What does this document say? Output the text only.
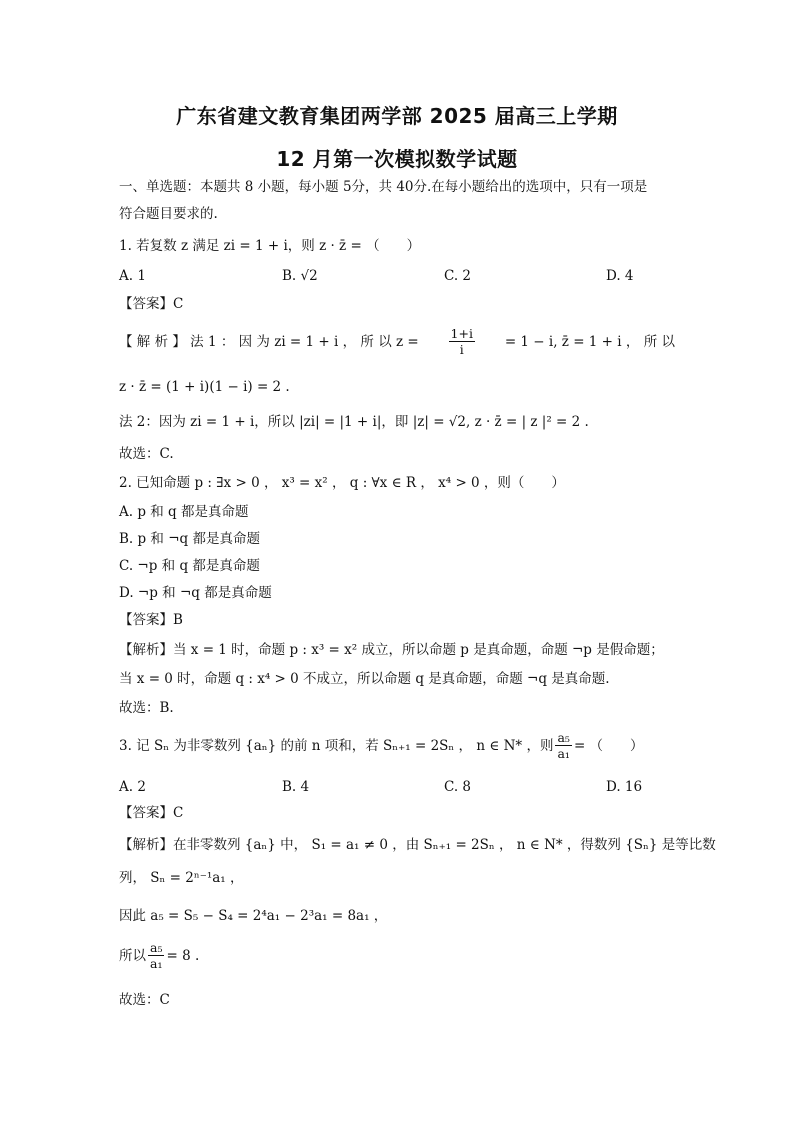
广东省建文教育集团两学部 2025 届高三上学期
12 月第一次模拟数学试题
一、单选题：本题共 8 小题，每小题 5分，共 40分.在每小题给出的选项中，只有一项是
符合题目要求的.
1. 若复数 z 满足 zi = 1 + i，则 z · z̄ = （　　）
A. 1	B. √2	C. 2	D. 4
【答案】C
【 解 析 】 法 1 ： 因 为 zi = 1 + i ， 所 以 $z = \frac{1+i}{i} = 1 - i$, z̄ = 1 + i ， 所 以
z · z̄ = (1 + i)(1 − i) = 2 .
法 2：因为 zi = 1 + i，所以 |zi| = |1 + i|，即 |z| = √2, z · z̄ = | z |² = 2 .
故选：C.
2. 已知命题 p : ∃x > 0 ， x³ = x² ， q : ∀x ∈ R ， x⁴ > 0 ，则（　　）
A. p 和 q 都是真命题
B. p 和 ¬q 都是真命题
C. ¬p 和 q 都是真命题
D. ¬p 和 ¬q 都是真命题
【答案】B
【解析】当 x = 1 时，命题 p : x³ = x² 成立，所以命题 p 是真命题，命题 ¬p 是假命题；
当 x = 0 时，命题 q : x⁴ > 0 不成立，所以命题 q 是真命题，命题 ¬q 是真命题.
故选：B.
3. 记 Sₙ 为非零数列 {aₙ} 的前 n 项和，若 Sₙ₊₁ = 2Sₙ ， n ∈ N* ，则 $\frac{\text{a₅}}{\text{a₁}}$ = （　　）
A. 2	B. 4	C. 8	D. 16
【答案】C
【解析】在非零数列 {aₙ} 中， S₁ = a₁ ≠ 0 ，由 Sₙ₊₁ = 2Sₙ ， n ∈ N* ，得数列 {Sₙ} 是等比数
列， Sₙ = 2ⁿ⁻¹a₁ ，
因此 a₅ = S₅ − S₄ = 2⁴a₁ − 2³a₁ = 8a₁ ，
所以 $\frac{\text{a₅}}{\text{a₁}} = 8$ .
故选：C
